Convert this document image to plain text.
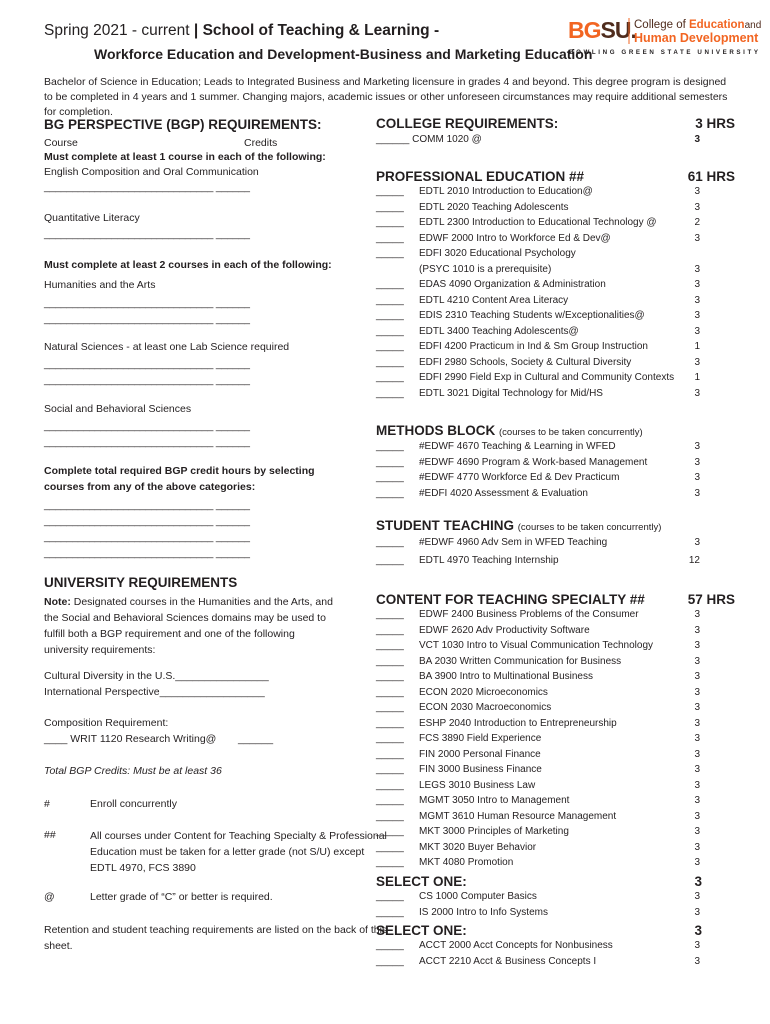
Spring 2021 - current | School of Teaching & Learning -
Workforce Education and Development-Business and Marketing Education
BGSU.
College of Educationand
Human Development
BOWLING GREEN STATE UNIVERSITY
Bachelor of Science in Education; Leads to Integrated Business and Marketing licensure in grades 4 and beyond. This degree program is designed to be completed in 4 years and 1 summer. Changing majors, academic issues or other unforeseen circumstances may require additional semesters for completion.
BG PERSPECTIVE (BGP) REQUIREMENTS:
Course	Credits
Must complete at least 1 course in each of the following:
English Composition and Oral Communication
______________________________ ______
Quantitative Literacy
______________________________ ______
Must complete at least 2 courses in each of the following:
Humanities and the Arts
______________________________ ______
______________________________ ______
Natural Sciences - at least one Lab Science required
______________________________ ______
______________________________ ______
Social and Behavioral Sciences
______________________________ ______
______________________________ ______
Complete total required BGP credit hours by selecting
courses from any of the above categories:
______________________________ ______
______________________________ ______
______________________________ ______
______________________________ ______
UNIVERSITY REQUIREMENTS
Note: Designated courses in the Humanities and the Arts, and
the Social and Behavioral Sciences domains may be used to
fulfill both a BGP requirement and one of the following
university requirements:
Cultural Diversity in the U.S.________________
International Perspective__________________
Composition Requirement:
____ WRIT 1120 Research Writing@ ______
Total BGP Credits: Must be at least 36
#	Enroll concurrently
##	All courses under Content for Teaching Specialty & Professional
Education must be taken for a letter grade (not S/U) except
EDTL 4970, FCS 3890
@	Letter grade of “C” or better is required.
Retention and student teaching requirements are listed on the back of this
sheet.
COLLEGE REQUIREMENTS:	3 HRS
______ COMM 1020 @	3
PROFESSIONAL EDUCATION ##	61 HRS
_____ EDTL 2010 Introduction to Education@	3
_____ EDTL 2020 Teaching Adolescents	3
_____ EDTL 2300 Introduction to Educational Technology @	2
_____ EDWF 2000 Intro to Workforce Ed & Dev@	3
_____ EDFI 3020 Educational Psychology
(PSYC 1010 is a prerequisite)	3
_____ EDAS 4090 Organization & Administration	3
_____ EDTL 4210 Content Area Literacy	3
_____ EDIS 2310 Teaching Students w/Exceptionalities@	3
_____ EDTL 3400 Teaching Adolescents@	3
_____ EDFI 4200 Practicum in Ind & Sm Group Instruction	1
_____ EDFI 2980 Schools, Society & Cultural Diversity	3
_____ EDFI 2990 Field Exp in Cultural and Community Contexts	1
_____ EDTL 3021 Digital Technology for Mid/HS	3
METHODS BLOCK (courses to be taken concurrently)
_____ #EDWF 4670 Teaching & Learning in WFED	3
_____ #EDWF 4690 Program & Work-based Management	3
_____ #EDWF 4770 Workforce Ed & Dev Practicum	3
_____ #EDFI 4020 Assessment & Evaluation	3
STUDENT TEACHING (courses to be taken concurrently)
_____ #EDWF 4960 Adv Sem in WFED Teaching	3
_____ EDTL 4970 Teaching Internship	12
CONTENT FOR TEACHING SPECIALTY ##	57 HRS
_____ EDWF 2400 Business Problems of the Consumer	3
_____ EDWF 2620 Adv Productivity Software	3
_____ VCT 1030 Intro to Visual Communication Technology	3
_____ BA 2030 Written Communication for Business	3
_____ BA 3900 Intro to Multinational Business	3
_____ ECON 2020 Microeconomics	3
_____ ECON 2030 Macroeconomics	3
_____ ESHP 2040 Introduction to Entrepreneurship	3
_____ FCS 3890 Field Experience	3
_____ FIN 2000 Personal Finance	3
_____ FIN 3000 Business Finance	3
_____ LEGS 3010 Business Law	3
_____ MGMT 3050 Intro to Management	3
_____ MGMT 3610 Human Resource Management	3
_____ MKT 3000 Principles of Marketing	3
_____ MKT 3020 Buyer Behavior	3
_____ MKT 4080 Promotion	3
SELECT ONE:	3
_____ CS 1000 Computer Basics	3
_____ IS 2000 Intro to Info Systems	3
SELECT ONE:	3
_____ ACCT 2000 Acct Concepts for Nonbusiness	3
_____ ACCT 2210 Acct & Business Concepts I	3
